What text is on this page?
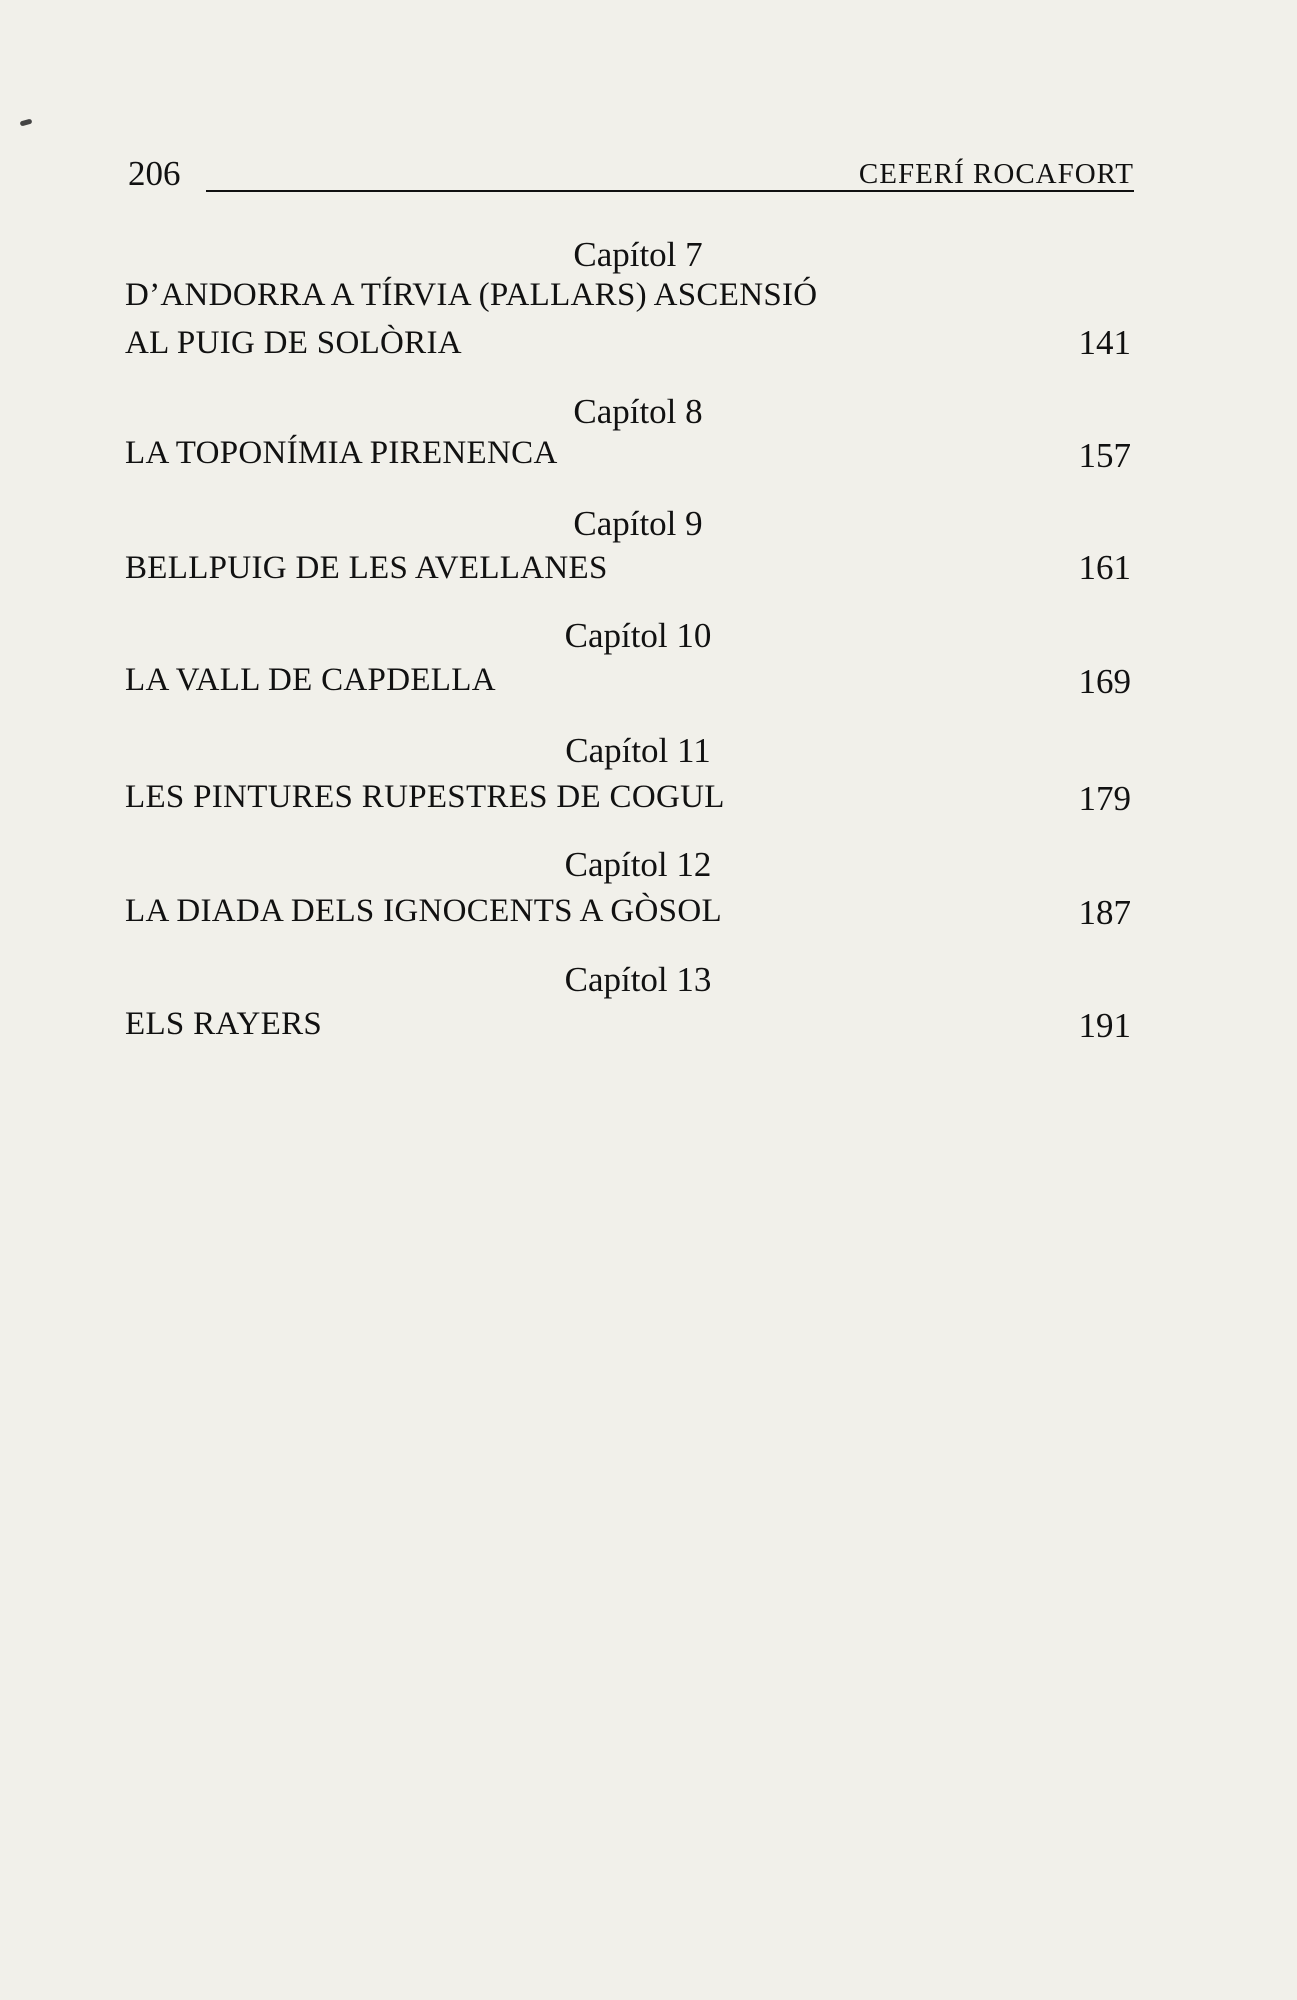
206	CEFERÍ ROCAFORT
Capítol 7
D’ANDORRA A TÍRVIA (PALLARS) ASCENSIÓ
AL PUIG DE SOLÒRIA	141
Capítol 8
LA TOPONÍMIA PIRENENCA	157
Capítol 9
BELLPUIG DE LES AVELLANES	161
Capítol 10
LA VALL DE CAPDELLA	169
Capítol 11
LES PINTURES RUPESTRES DE COGUL	179
Capítol 12
LA DIADA DELS IGNOCENTS A GÒSOL	187
Capítol 13
ELS RAYERS	191
